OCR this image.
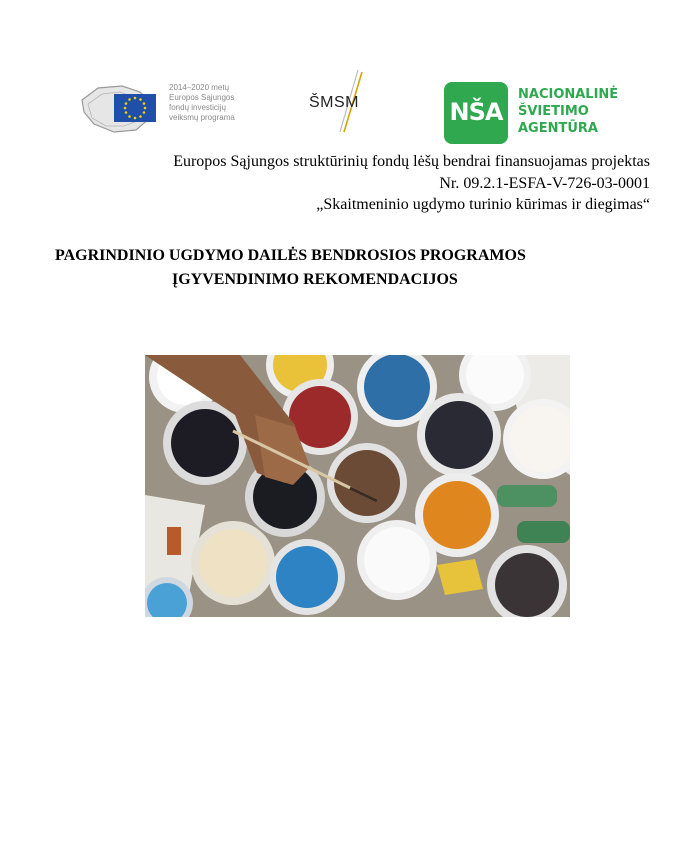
2014–2020 metų
Europos Sąjungos
fondų investicijų
veiksmų programa
ŠMSM	NŠA
NACIONALINĖ
ŠVIETIMO
AGENTŪRA
Europos Sąjungos struktūrinių fondų lėšų bendrai finansuojamas projektas
Nr. 09.2.1-ESFA-V-726-03-0001
„Skaitmeninio ugdymo turinio kūrimas ir diegimas“
PAGRINDINIO UGDYMO DAILĖS BENDROSIOS PROGRAMOS
ĮGYVENDINIMO REKOMENDACIJOS
